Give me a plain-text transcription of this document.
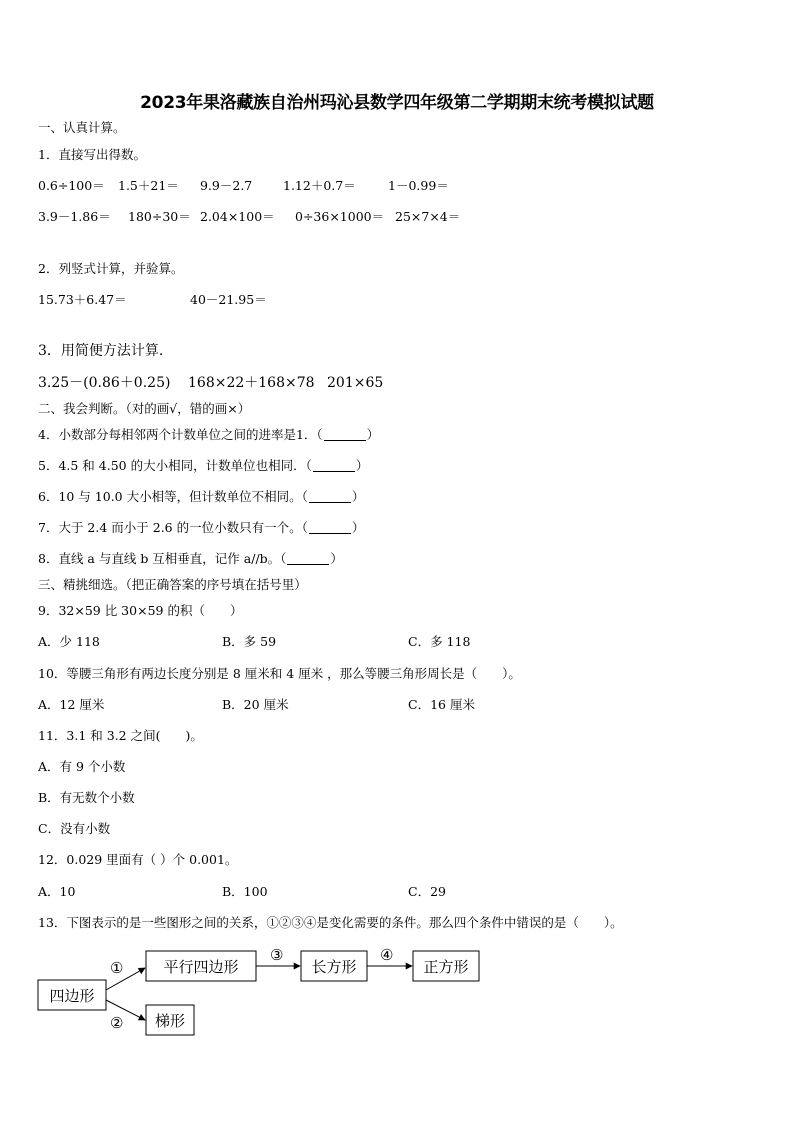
2023年果洛藏族自治州玛沁县数学四年级第二学期期末统考模拟试题
一、认真计算。
1．直接写出得数。
0.6÷100＝ 1.5＋21＝ 9.9－2.7 1.12＋0.7＝	1－0.99＝
3.9－1.86＝ 180÷30＝ 2.04×100＝ 0÷36×1000＝ 25×7×4＝
2．列竖式计算，并验算。
15.73＋6.47＝	40－21.95＝
3．用简便方法计算.
3.25－(0.86＋0.25) 168×22＋168×78 201×65
二、我会判断。（对的画√，错的画×）
4．小数部分每相邻两个计数单位之间的进率是1．（	）
5．4.5 和 4.50 的大小相同，计数单位也相同．（	）
6．10 与 10.0 大小相等，但计数单位不相同。（	）
7．大于 2.4 而小于 2.6 的一位小数只有一个。（	）
8．直线 a 与直线 b 互相垂直，记作 a//b。（	）
三、精挑细选。（把正确答案的序号填在括号里）
9．32×59 比 30×59 的积（　　）
A．少 118	B．多 59	C．多 118
10．等腰三角形有两边长度分别是 8 厘米和 4 厘米 ，那么等腰三角形周长是（　　）。
A．12 厘米	B．20 厘米	C．16 厘米
11．3.1 和 3.2 之间(　　)。
A．有 9 个小数
B．有无数个小数
C．没有小数
12．0.029 里面有（ ）个 0.001。
A．10	B．100	C．29
13．下图表示的是一些图形之间的关系，①②③④是变化需要的条件。那么四个条件中错误的是（　　）。
四边形
平行四边形	长方形	正方形
梯形
①
②
③	④
